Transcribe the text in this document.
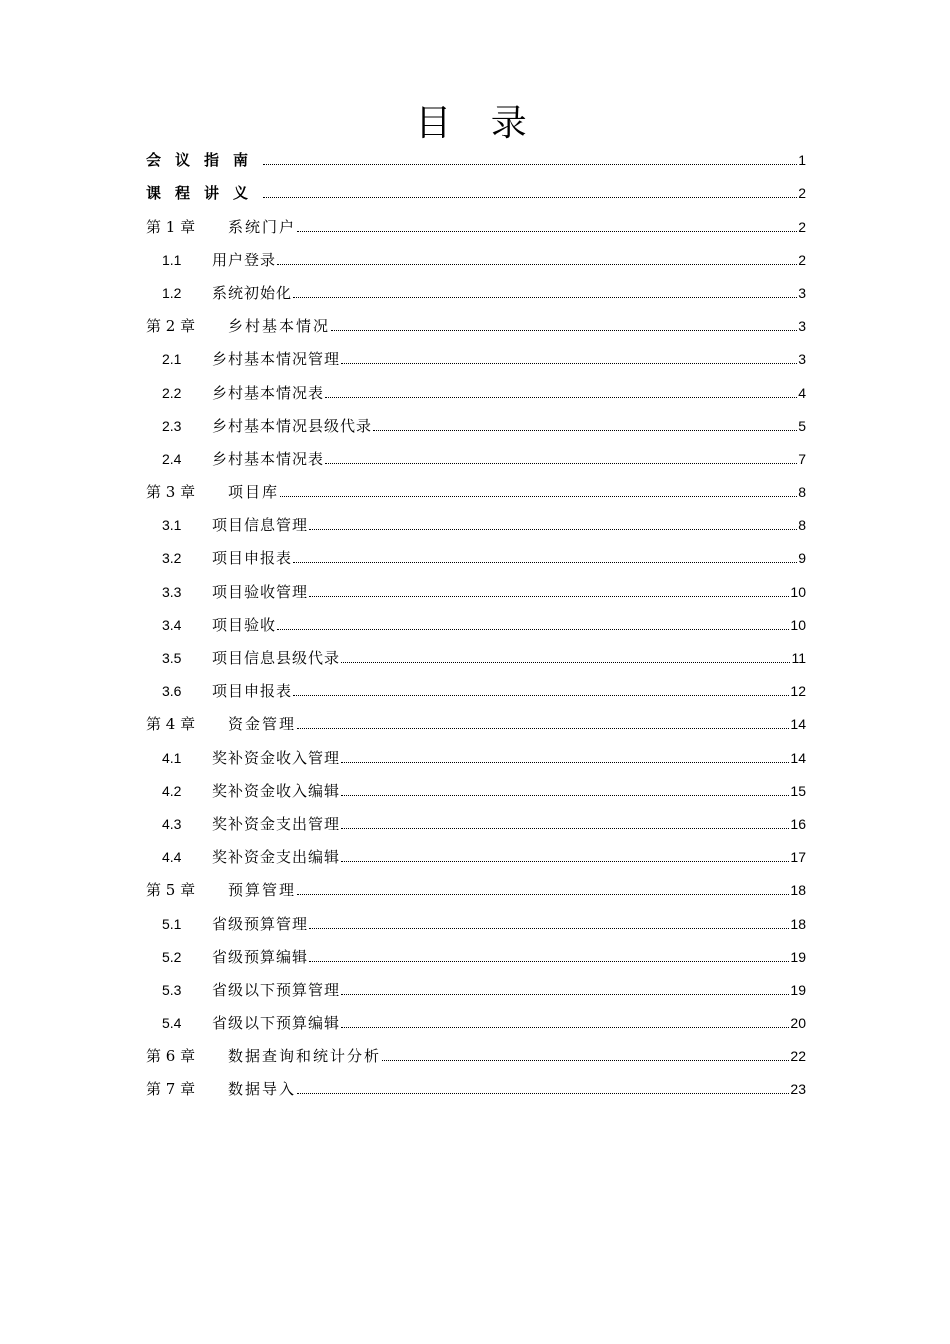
目 录
会议指南	1
课程讲义	2
第 1 章 系统门户	2
1.1 用户登录	2
1.2 系统初始化	3
第 2 章 乡村基本情况	3
2.1 乡村基本情况管理	3
2.2 乡村基本情况表	4
2.3 乡村基本情况县级代录	5
2.4 乡村基本情况表	7
第 3 章 项目库	8
3.1 项目信息管理	8
3.2 项目申报表	9
3.3 项目验收管理	10
3.4 项目验收	10
3.5 项目信息县级代录	11
3.6 项目申报表	12
第 4 章 资金管理	14
4.1 奖补资金收入管理	14
4.2 奖补资金收入编辑	15
4.3 奖补资金支出管理	16
4.4 奖补资金支出编辑	17
第 5 章 预算管理	18
5.1 省级预算管理	18
5.2 省级预算编辑	19
5.3 省级以下预算管理	19
5.4 省级以下预算编辑	20
第 6 章 数据查询和统计分析	22
第 7 章 数据导入	23
